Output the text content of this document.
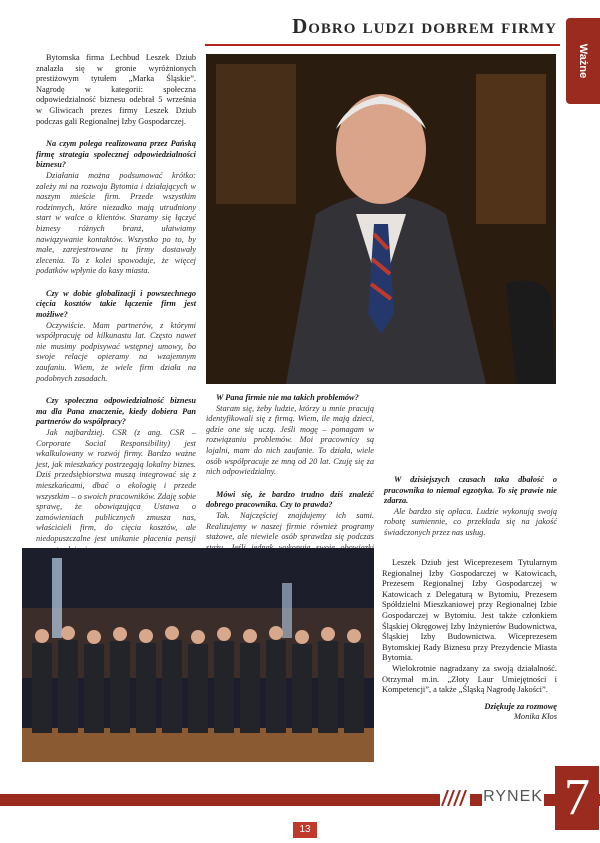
Dobro ludzi dobrem firmy
Ważne

Bytomska firma Lechbud Leszek Dziub znalazła się w gronie wyróżnionych prestiżowym tytułem „Marka Śląskie”. Nagrodę w kategorii: społeczna odpowiedzialność biznesu odebrał 5 września w Gliwicach prezes firmy Leszek Dziub podczas gali Regionalnej Izby Gospodarczej.

Na czym polega realizowana przez Pańską firmę strategia społecznej odpowiedzialności biznesu?

Działania można podsumować krótko: zależy mi na rozwoju Bytomia i działających w naszym mieście firm. Przede wszystkim rodzinnych, które niezadko mają utrudniony start w walce o klientów. Staramy się łączyć biznesy różnych branż, ułatwiamy nawiązywanie kontaktów. Wszystko po to, by małe, zarejestrowane tu firmy dostawały zlecenia. To z kolei spowoduje, że więcej podatków wpłynie do kasy miasta.

Czy w dobie globalizacji i powszechnego cięcia kosztów takie łączenie firm jest możliwe?

Oczywiście. Mam partnerów, z którymi współpracuję od kilkunastu lat. Często nawet nie musimy podpisywać wstępnej umowy, bo swoje relacje opieramy na wzajemnym zaufaniu. Wiem, że wiele firm działa na podobnych zasadach.

Czy społeczna odpowiedzialność biznesu ma dla Pana znaczenie, kiedy dobiera Pan partnerów do współpracy?

Jak najbardziej. CSR (z ang. CSR – Corporate Social Responsibility) jest wkalkulowany w rozwój firmy. Bardzo ważne jest, jak mieszkańcy postrzegają lokalny biznes. Dziś przedsiębiorstwa muszą integrować się z mieszkańcami, dbać o ekologię i przede wszystkim – o swoich pracowników. Zdaję sobie sprawę, że obowiązująca Ustawa o zamówieniach publicznych zmusza nas, właścicieli firm, do cięcia kosztów, ale niedopuszczalne jest unikanie płacenia pensji

W Pana firmie nie ma takich problemów?

Staram się, żeby ludzie, którzy u mnie pracują identyfikowali się z firmą. Wiem, ile mają dzieci, gdzie one się uczą. Jeśli mogę – pomagam w rozwiązaniu problemów. Moi pracownicy są lojalni, mam do nich zaufanie. To działa, wiele osób współpracuje ze mną od 20 lat. Czuję się za nich odpowiedzialny.

Mówi się, że bardzo trudno dziś znaleźć dobrego pracownika. Czy to prawda?

Tak. Najczęściej znajdujemy ich sami. Realizujemy w naszej firmie również programy stażowe, ale niewiele osób sprawdza się podczas

W dzisiejszych czasach taka dbałość o pracownika to niemal egzotyka. To się prawie nie zdarza.

Ale bardzo się opłaca. Ludzie wykonują swoją robotę sumiennie, co przekłada się na jakość świadczonych przez nas usług.

Leszek Dziub jest Wiceprezesem Tytularnym Regionalnej Izby Gospodarczej w Katowicach, Prezesem Regionalnej Izby Gospodarczej w Katowicach z Delegaturą w Bytomiu, Prezesem Spółdzielni Mieszkaniowej przy Regionalnej Izbie Gospodarczej w Bytomiu. Jest także członkiem Śląskiej Okręgowej Izby Inżynierów Budownictwa, Śląskiej Izby Budownictwa. Wiceprezesem Bytomskiej Rady Biznesu przy Prezydencie Miasta Bytomia.

Wielokrotnie nagradzany za swoją działalność. Otrzymał m.in. „Złoty Laur Umiejętności i Kompetencji”, a także „Śląską Nagrodę Jakości”.

Dziękuje za rozmowę

Monika Kłos

RYNEK 7
13
